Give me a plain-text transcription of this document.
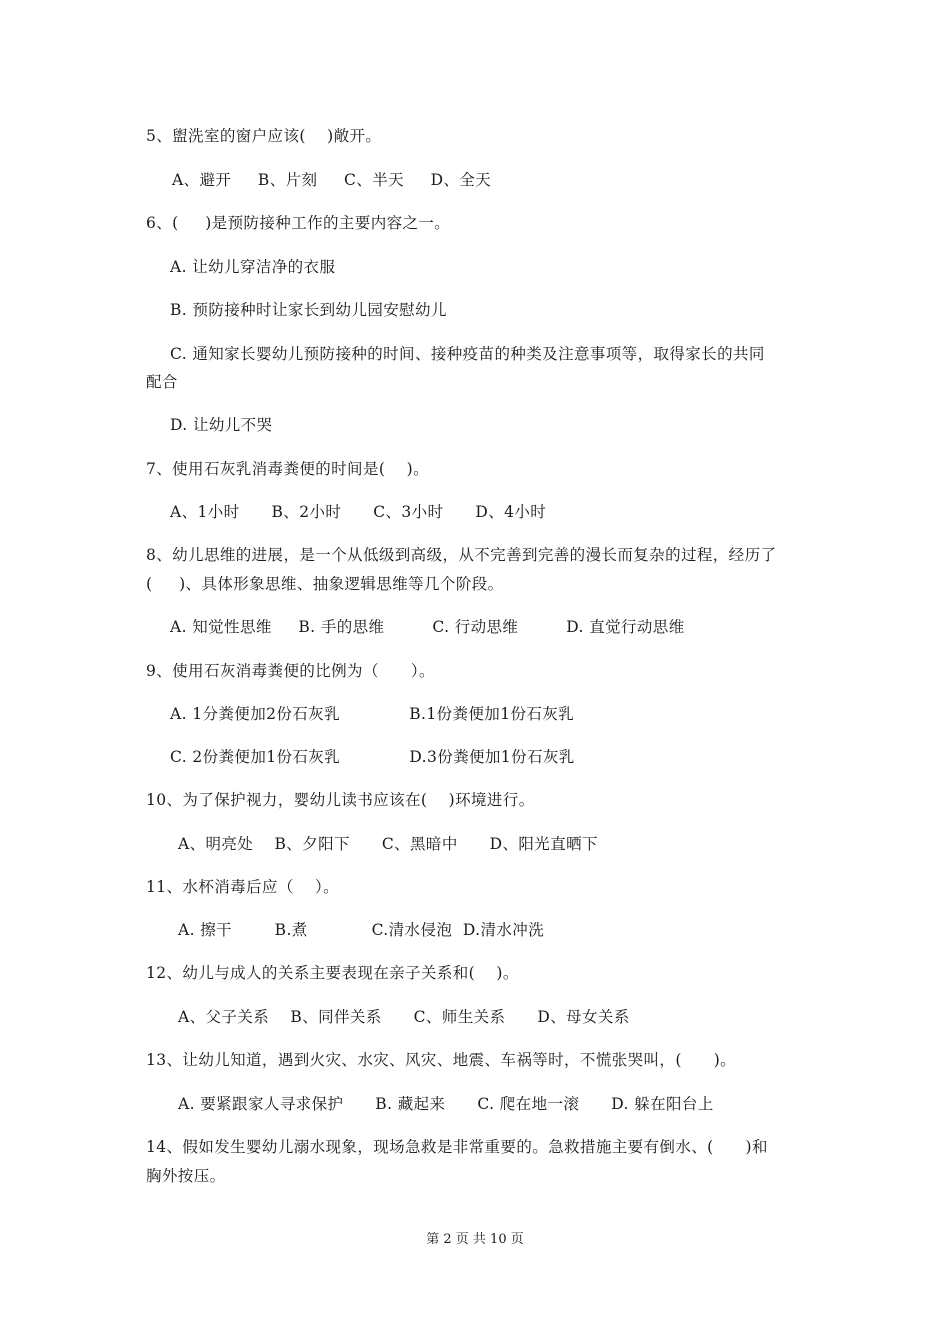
5、盥洗室的窗户应该(    )敞开。
A、避开     B、片刻     C、半天     D、全天
6、(     )是预防接种工作的主要内容之一。
A. 让幼儿穿洁净的衣服
B. 预防接种时让家长到幼儿园安慰幼儿
C. 通知家长婴幼儿预防接种的时间、接种疫苗的种类及注意事项等，取得家长的共同
配合
D. 让幼儿不哭
7、使用石灰乳消毒粪便的时间是(    )。
A、1小时      B、2小时      C、3小时      D、4小时
8、幼儿思维的进展，是一个从低级到高级，从不完善到完善的漫长而复杂的过程，经历了
(     )、具体形象思维、抽象逻辑思维等几个阶段。
A. 知觉性思维     B. 手的思维         C. 行动思维         D. 直觉行动思维
9、使用石灰消毒粪便的比例为（      ）。
A. 1分粪便加2份石灰乳             B.1份粪便加1份石灰乳
C. 2份粪便加1份石灰乳             D.3份粪便加1份石灰乳
10、为了保护视力，婴幼儿读书应该在(    )环境进行。
A、明亮处    B、夕阳下      C、黑暗中      D、阳光直晒下
11、水杯消毒后应（    ）。
A. 擦干        B.煮            C.清水侵泡  D.清水冲洗
12、幼儿与成人的关系主要表现在亲子关系和(    )。
A、父子关系    B、同伴关系      C、师生关系      D、母女关系
13、让幼儿知道，遇到火灾、水灾、风灾、地震、车祸等时，不慌张哭叫，(      )。
A. 要紧跟家人寻求保护      B. 藏起来      C. 爬在地一滚      D. 躲在阳台上
14、假如发生婴幼儿溺水现象，现场急救是非常重要的。急救措施主要有倒水、(      )和
胸外按压。
第 2 页 共 10 页
